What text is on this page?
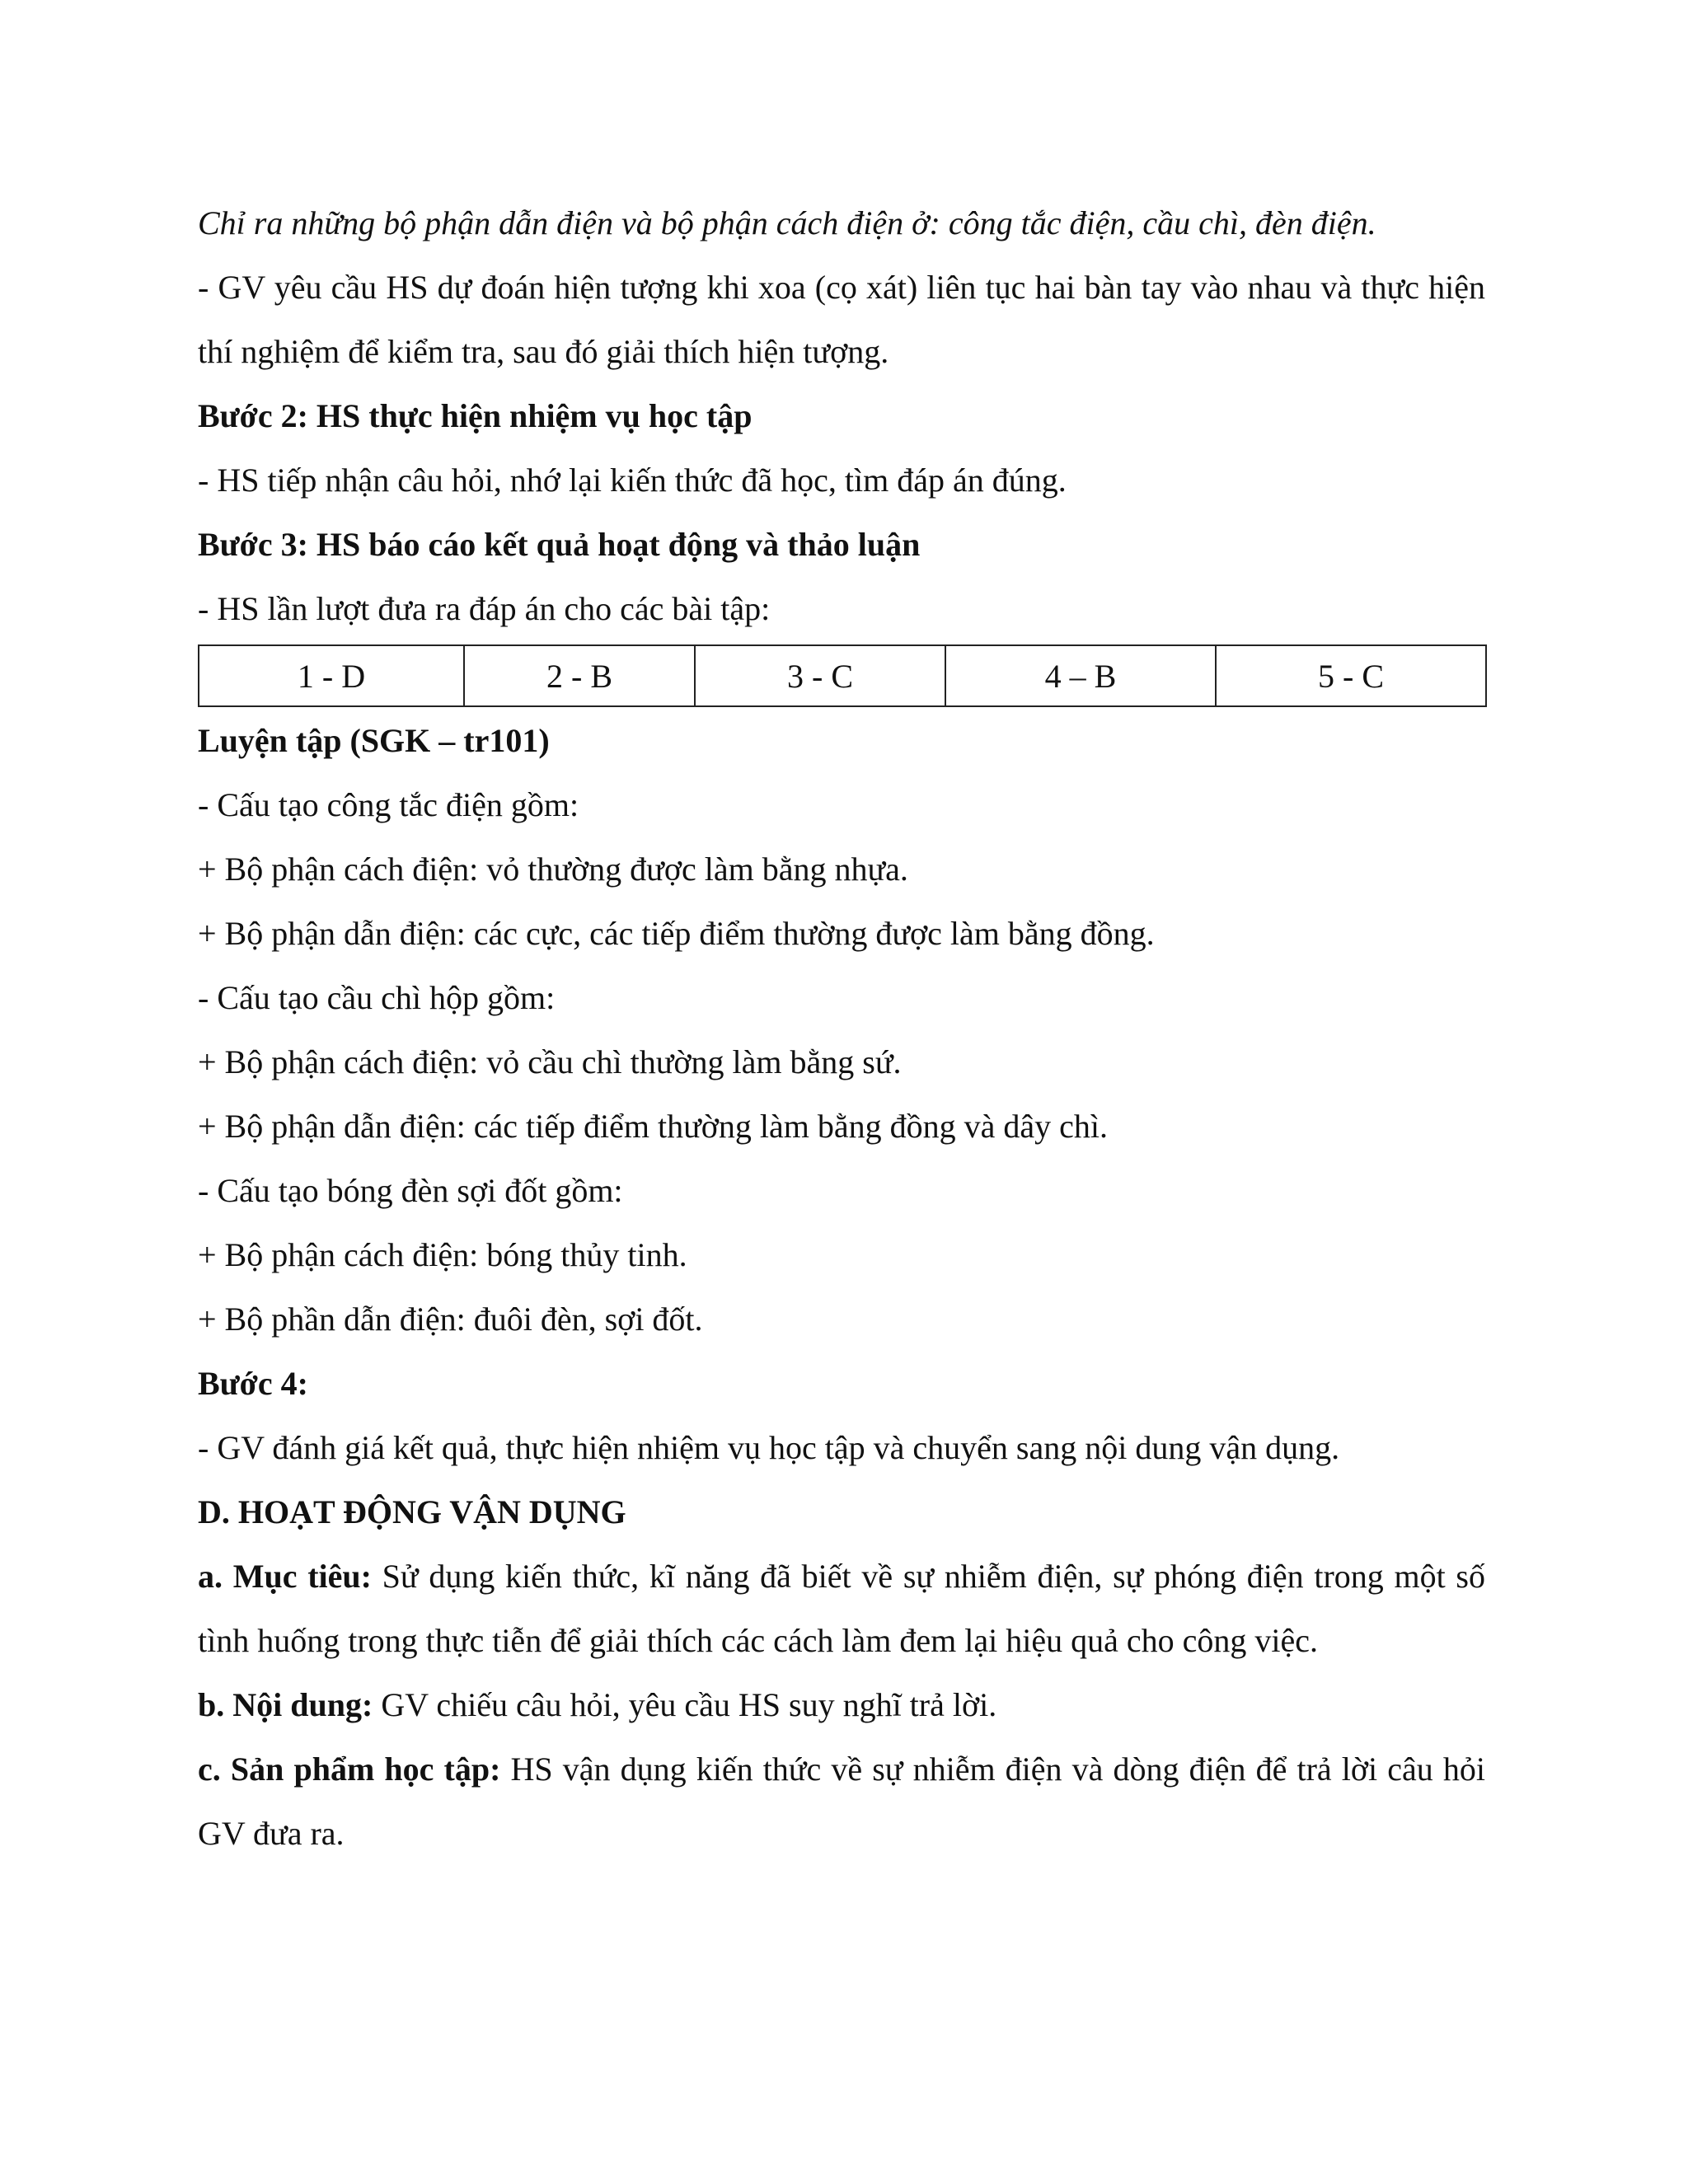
Chỉ ra những bộ phận dẫn điện và bộ phận cách điện ở: công tắc điện, cầu chì, đèn điện.
- GV yêu cầu HS dự đoán hiện tượng khi xoa (cọ xát) liên tục hai bàn tay vào nhau và thực hiện thí nghiệm để kiểm tra, sau đó giải thích hiện tượng.
Bước 2: HS thực hiện nhiệm vụ học tập
- HS tiếp nhận câu hỏi, nhớ lại kiến thức đã học, tìm đáp án đúng.
Bước 3: HS báo cáo kết quả hoạt động và thảo luận
- HS lần lượt đưa ra đáp án cho các bài tập:
1 - D	2 - B	3 - C	4 – B	5 - C
Luyện tập (SGK – tr101)
- Cấu tạo công tắc điện gồm:
+ Bộ phận cách điện: vỏ thường được làm bằng nhựa.
+ Bộ phận dẫn điện: các cực, các tiếp điểm thường được làm bằng đồng.
- Cấu tạo cầu chì hộp gồm:
+ Bộ phận cách điện: vỏ cầu chì thường làm bằng sứ.
+ Bộ phận dẫn điện: các tiếp điểm thường làm bằng đồng và dây chì.
- Cấu tạo bóng đèn sợi đốt gồm:
+ Bộ phận cách điện: bóng thủy tinh.
+ Bộ phần dẫn điện: đuôi đèn, sợi đốt.
Bước 4:
- GV đánh giá kết quả, thực hiện nhiệm vụ học tập và chuyển sang nội dung vận dụng.
D. HOẠT ĐỘNG VẬN DỤNG
a. Mục tiêu: Sử dụng kiến thức, kĩ năng đã biết về sự nhiễm điện, sự phóng điện trong một số tình huống trong thực tiễn để giải thích các cách làm đem lại hiệu quả cho công việc.
b. Nội dung: GV chiếu câu hỏi, yêu cầu HS suy nghĩ trả lời.
c. Sản phẩm học tập: HS vận dụng kiến thức về sự nhiễm điện và dòng điện để trả lời câu hỏi GV đưa ra.
